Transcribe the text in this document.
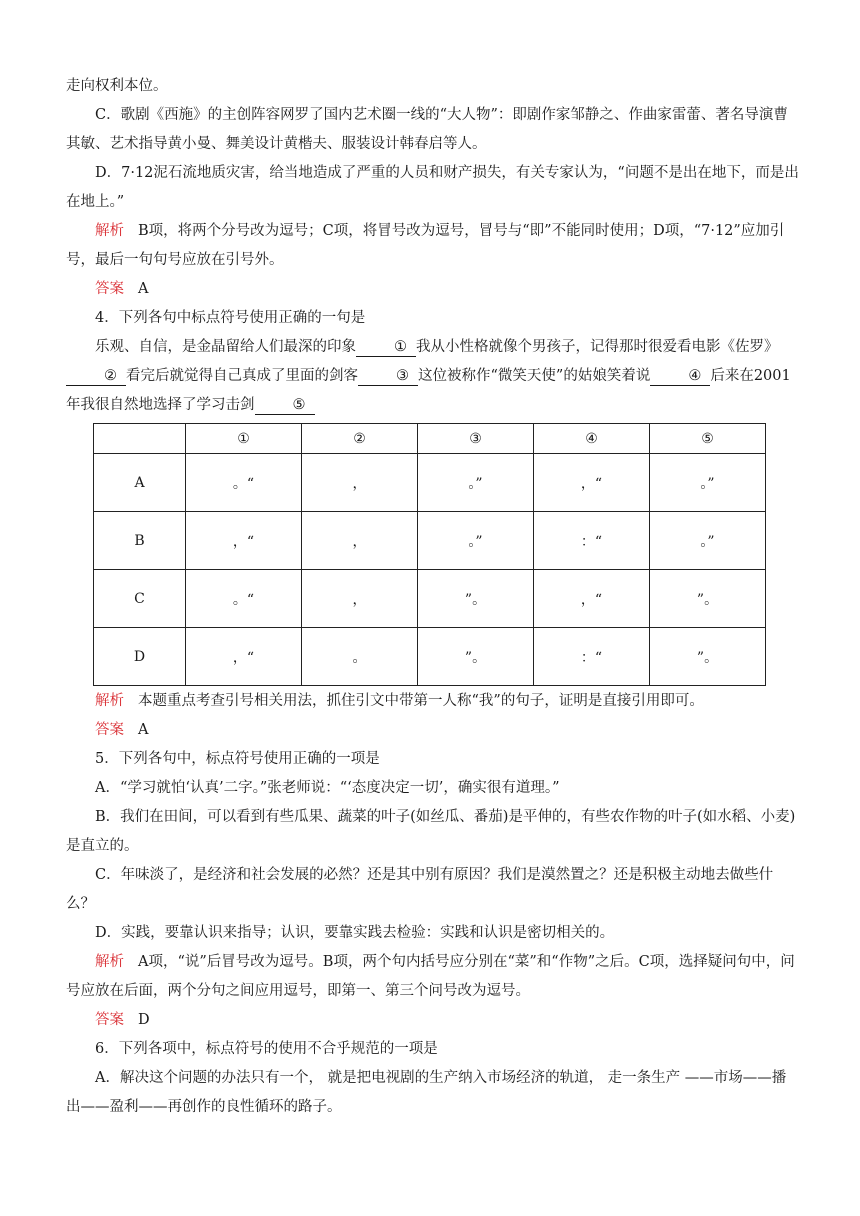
走向权利本位。

C．歌剧《西施》的主创阵容网罗了国内艺术圈一线的“大人物”：即剧作家邹静之、作曲家雷蕾、著名导演曹其敏、艺术指导黄小曼、舞美设计黄楷夫、服装设计韩春启等人。

D．7·12泥石流地质灾害，给当地造成了严重的人员和财产损失，有关专家认为，“问题不是出在地下，而是出在地上。”

解析 B项，将两个分号改为逗号；C项，将冒号改为逗号，冒号与“即”不能同时使用；D项，“7·12”应加引号，最后一句句号应放在引号外。

答案 A

4．下列各句中标点符号使用正确的一句是

乐观、自信，是金晶留给人们最深的印象	① 我从小性格就像个男孩子，记得那时很爱看电影《佐罗》② 看完后就觉得自己真成了里面的剑客	③ 这位被称作“微笑天使”的姑娘笑着说	④ 后来在2001年我很自然地选择了学习击剑	⑤

	①	②	③	④	⑤
A	。“	，	。”	，“	。”
B	，“	，	。”	：“	。”
C	。“	，	”。	，“	”。
D	，“	。	”。	：“	”。

解析 本题重点考查引号相关用法，抓住引文中带第一人称“我”的句子，证明是直接引用即可。

答案 A

5．下列各句中，标点符号使用正确的一项是

A．“学习就怕‘认真’二字。”张老师说：“‘态度决定一切’，确实很有道理。”

B．我们在田间，可以看到有些瓜果、蔬菜的叶子(如丝瓜、番茄)是平伸的，有些农作物的叶子(如水稻、小麦)是直立的。

C．年味淡了，是经济和社会发展的必然？还是其中别有原因？我们是漠然置之？还是积极主动地去做些什么？

D．实践，要靠认识来指导；认识，要靠实践去检验：实践和认识是密切相关的。

解析 A项，“说”后冒号改为逗号。B项，两个句内括号应分别在“菜”和“作物”之后。C项，选择疑问句中，问号应放在后面，两个分句之间应用逗号，即第一、第三个问号改为逗号。

答案 D

6．下列各项中，标点符号的使用不合乎规范的一项是

A．解决这个问题的办法只有一个， 就是把电视剧的生产纳入市场经济的轨道， 走一条生产 ——市场——播 出——盈利——再创作的良性循环的路子。
